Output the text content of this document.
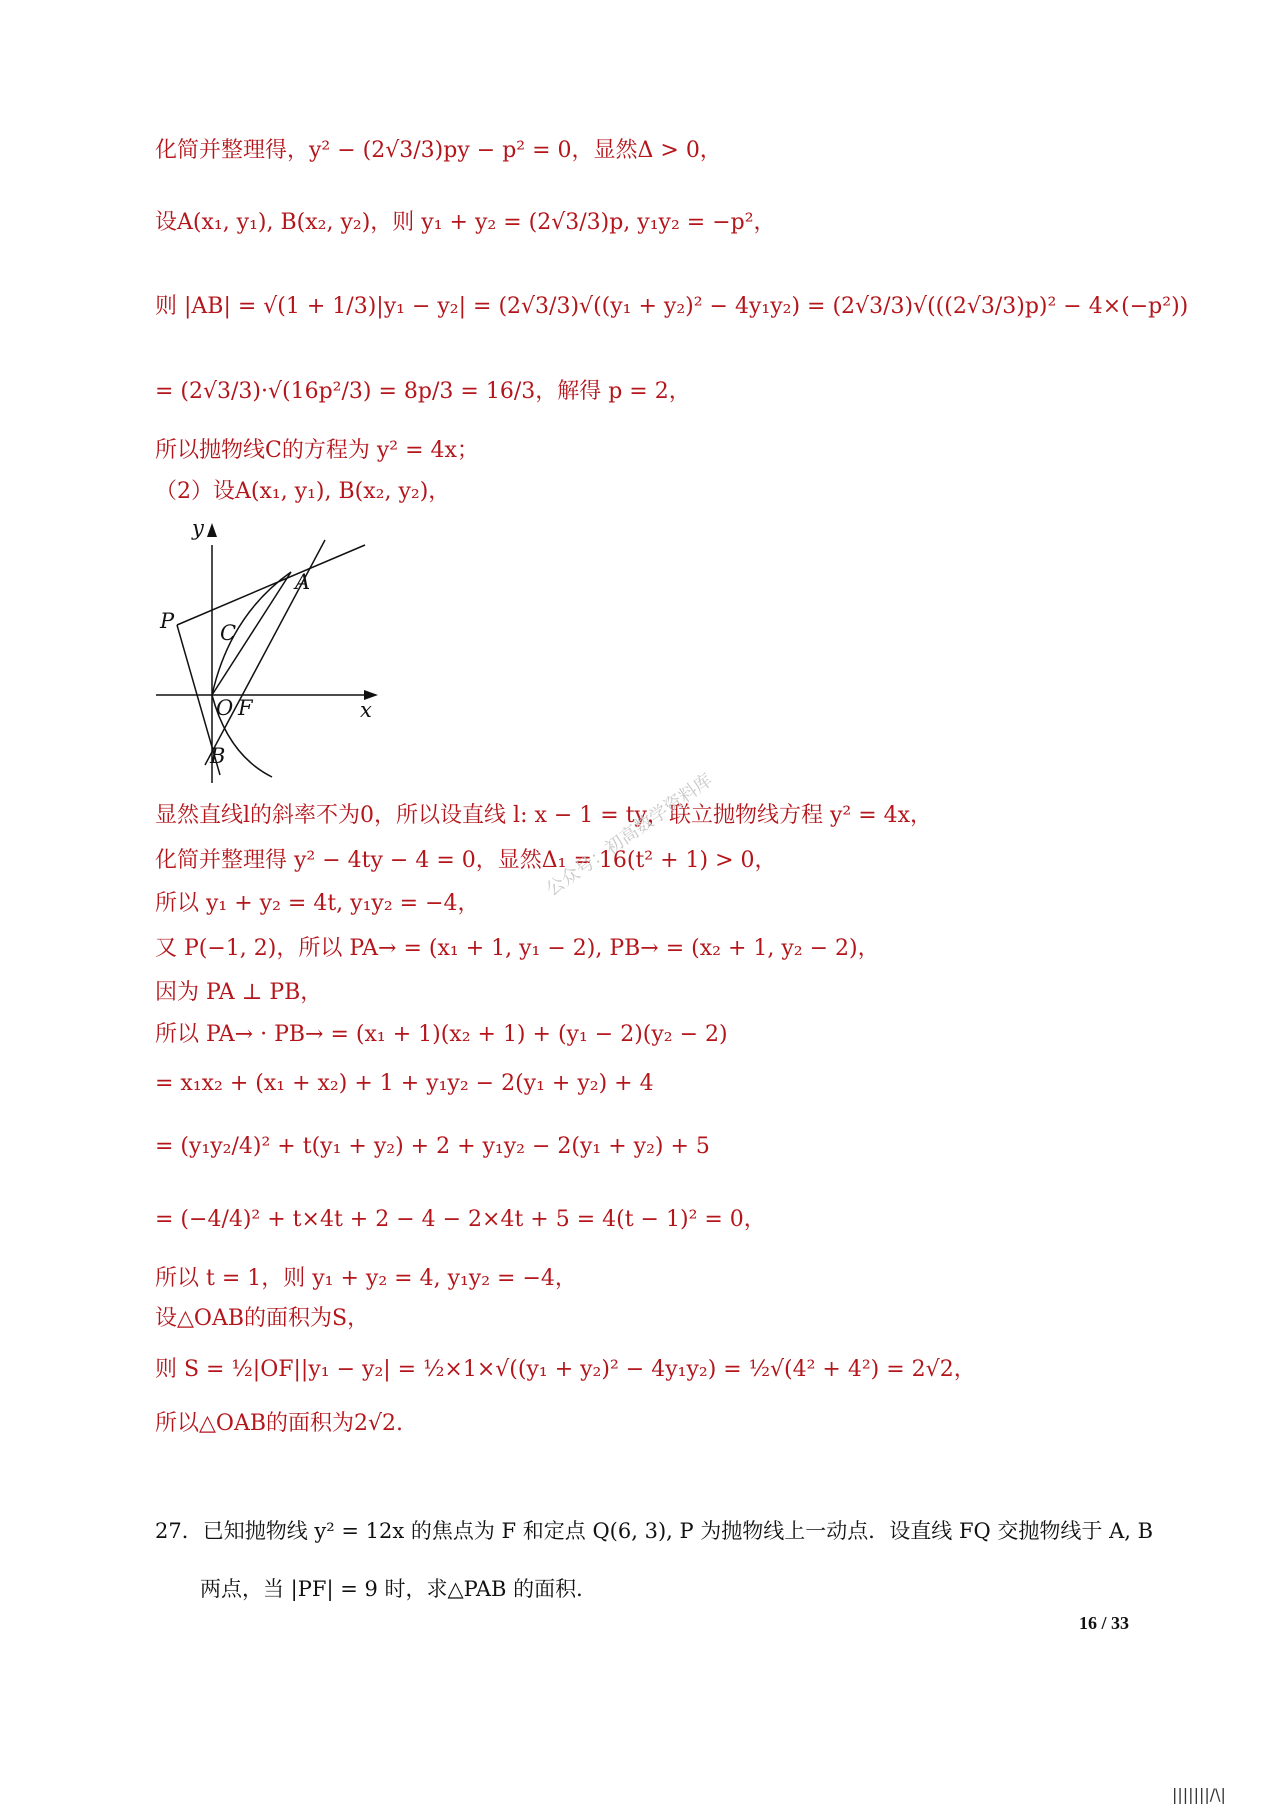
化简并整理得，y² − (2√3/3)py − p² = 0，显然Δ > 0，
设A(x₁, y₁), B(x₂, y₂)，则 y₁ + y₂ = (2√3/3)p, y₁y₂ = −p²，
则 |AB| = √(1 + 1/3)|y₁ − y₂| = (2√3/3)√((y₁ + y₂)² − 4y₁y₂) = (2√3/3)√(((2√3/3)p)² − 4×(−p²))
= (2√3/3)·√(16p²/3) = 8p/3 = 16/3，解得 p = 2，
所以抛物线C的方程为 y² = 4x；
（2）设A(x₁, y₁), B(x₂, y₂)，
y
x
P
A
C
O F
B
显然直线l的斜率不为0，所以设直线 l: x − 1 = ty，联立抛物线方程 y² = 4x，
化简并整理得 y² − 4ty − 4 = 0，显然Δ₁ = 16(t² + 1) > 0，
所以 y₁ + y₂ = 4t, y₁y₂ = −4，
又 P(−1, 2)，所以 PA→ = (x₁ + 1, y₁ − 2), PB→ = (x₂ + 1, y₂ − 2)，
因为 PA ⊥ PB，
所以 PA→ · PB→ = (x₁ + 1)(x₂ + 1) + (y₁ − 2)(y₂ − 2)
= x₁x₂ + (x₁ + x₂) + 1 + y₁y₂ − 2(y₁ + y₂) + 4
= (y₁y₂/4)² + t(y₁ + y₂) + 2 + y₁y₂ − 2(y₁ + y₂) + 5
= (−4/4)² + t×4t + 2 − 4 − 2×4t + 5 = 4(t − 1)² = 0，
所以 t = 1，则 y₁ + y₂ = 4, y₁y₂ = −4，
设△OAB的面积为S，
则 S = ½|OF||y₁ − y₂| = ½×1×√((y₁ + y₂)² − 4y₁y₂) = ½√(4² + 4²) = 2√2，
所以△OAB的面积为2√2.
公众号：初高数学资料库
27．已知抛物线 y² = 12x 的焦点为 F 和定点 Q(6, 3), P 为抛物线上一动点．设直线 FQ 交抛物线于 A, B
两点，当 |PF| = 9 时，求△PAB 的面积．
16 / 33
|||||||/\|
